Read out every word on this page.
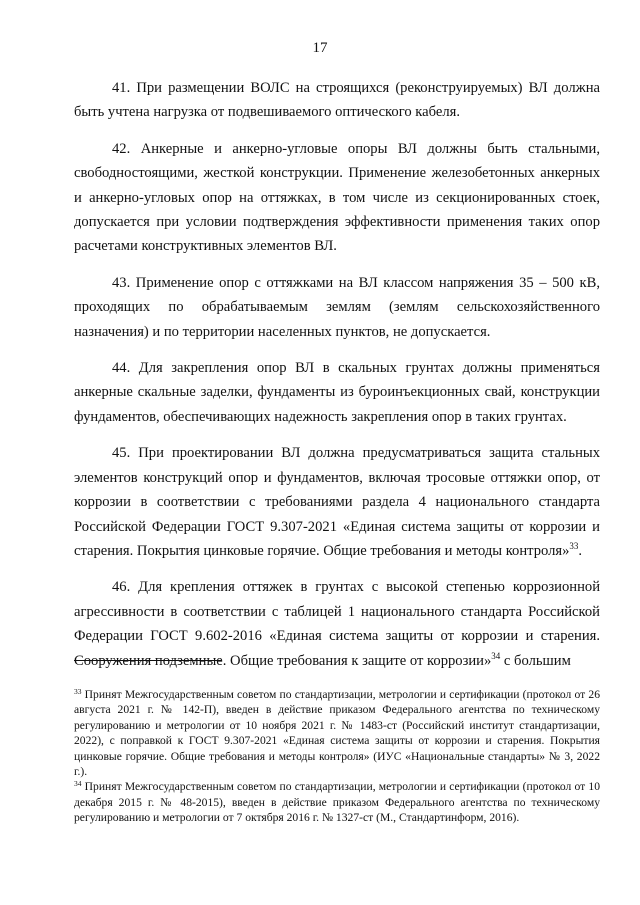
17

41. При размещении ВОЛС на строящихся (реконструируемых) ВЛ должна быть учтена нагрузка от подвешиваемого оптического кабеля.

42. Анкерные и анкерно-угловые опоры ВЛ должны быть стальными, свободностоящими, жесткой конструкции. Применение железобетонных анкерных и анкерно-угловых опор на оттяжках, в том числе из секционированных стоек, допускается при условии подтверждения эффективности применения таких опор расчетами конструктивных элементов ВЛ.

43. Применение опор с оттяжками на ВЛ классом напряжения 35 – 500 кВ, проходящих по обрабатываемым землям (землям сельскохозяйственного назначения) и по территории населенных пунктов, не допускается.

44. Для закрепления опор ВЛ в скальных грунтах должны применяться анкерные скальные заделки, фундаменты из буроинъекционных свай, конструкции фундаментов, обеспечивающих надежность закрепления опор в таких грунтах.

45. При проектировании ВЛ должна предусматриваться защита стальных элементов конструкций опор и фундаментов, включая тросовые оттяжки опор, от коррозии в соответствии с требованиями раздела 4 национального стандарта Российской Федерации ГОСТ 9.307-2021 «Единая система защиты от коррозии и старения. Покрытия цинковые горячие. Общие требования и методы контроля»$^{33}$.

46. Для крепления оттяжек в грунтах с высокой степенью коррозионной агрессивности в соответствии с таблицей 1 национального стандарта Российской Федерации ГОСТ 9.602-2016 «Единая система защиты от коррозии и старения. Сооружения подземные. Общие требования к защите от коррозии»$^{34}$ с большим

$^{33}$ Принят Межгосударственным советом по стандартизации, метрологии и сертификации (протокол от 26 августа 2021 г. № 142-П), введен в действие приказом Федерального агентства по техническому регулированию и метрологии от 10 ноября 2021 г. № 1483-ст (Российский институт стандартизации, 2022), с поправкой к ГОСТ 9.307-2021 «Единая система защиты от коррозии и старения. Покрытия цинковые горячие. Общие требования и методы контроля» (ИУС «Национальные стандарты» № 3, 2022 г.).

$^{34}$ Принят Межгосударственным советом по стандартизации, метрологии и сертификации (протокол от 10 декабря 2015 г. № 48-2015), введен в действие приказом Федерального агентства по техническому регулированию и метрологии от 7 октября 2016 г. № 1327-ст (М., Стандартинформ, 2016).
